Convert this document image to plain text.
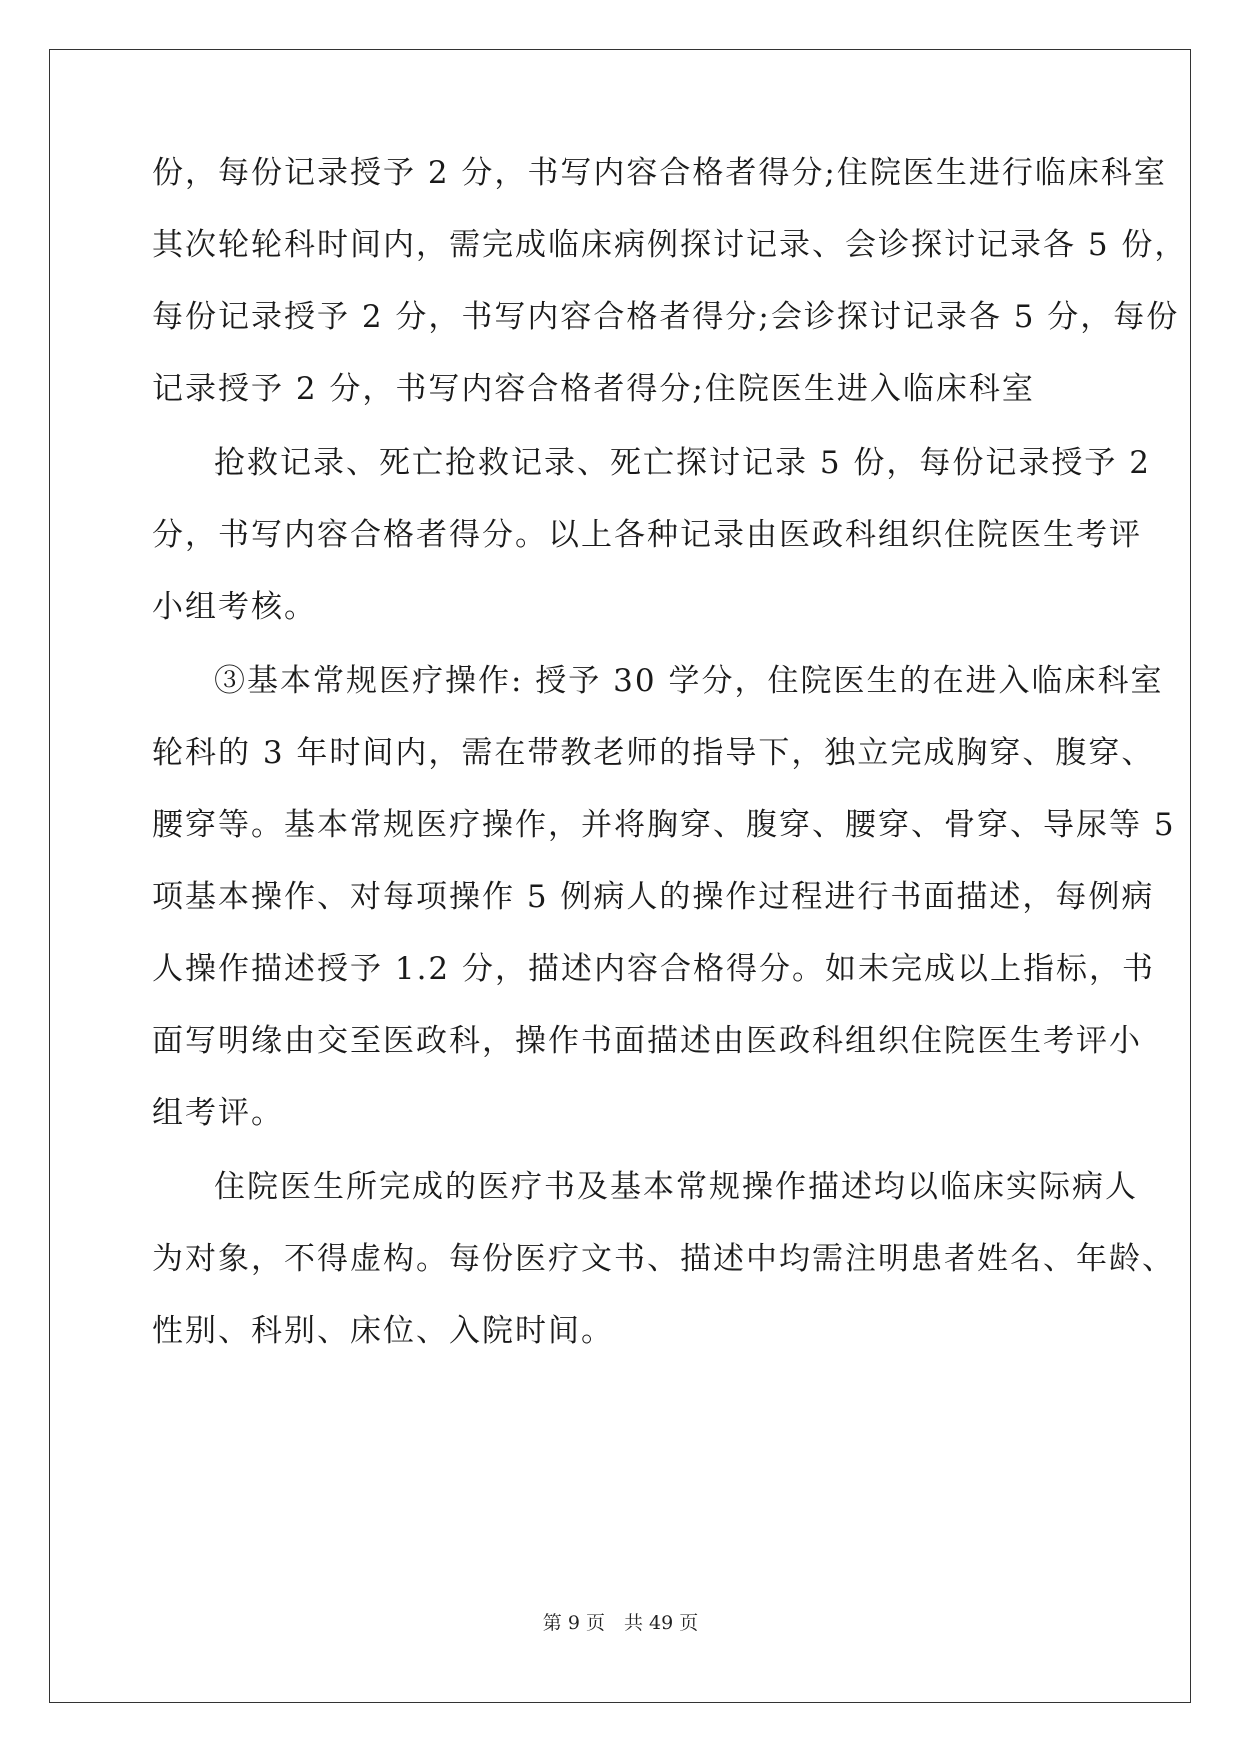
份，每份记录授予 2 分，书写内容合格者得分;住院医生进行临床科室
其次轮轮科时间内，需完成临床病例探讨记录、会诊探讨记录各 5 份，
每份记录授予 2 分，书写内容合格者得分;会诊探讨记录各 5 分，每份
记录授予 2 分，书写内容合格者得分;住院医生进入临床科室
抢救记录、死亡抢救记录、死亡探讨记录 5 份，每份记录授予 2
分，书写内容合格者得分。以上各种记录由医政科组织住院医生考评
小组考核。
③基本常规医疗操作: 授予 30 学分，住院医生的在进入临床科室
轮科的 3 年时间内，需在带教老师的指导下，独立完成胸穿、腹穿、
腰穿等。基本常规医疗操作，并将胸穿、腹穿、腰穿、骨穿、导尿等 5
项基本操作、对每项操作 5 例病人的操作过程进行书面描述，每例病
人操作描述授予 1.2 分，描述内容合格得分。如未完成以上指标，书
面写明缘由交至医政科，操作书面描述由医政科组织住院医生考评小
组考评。
住院医生所完成的医疗书及基本常规操作描述均以临床实际病人
为对象，不得虚构。每份医疗文书、描述中均需注明患者姓名、年龄、
性别、科别、床位、入院时间。
第 9 页　共 49 页
